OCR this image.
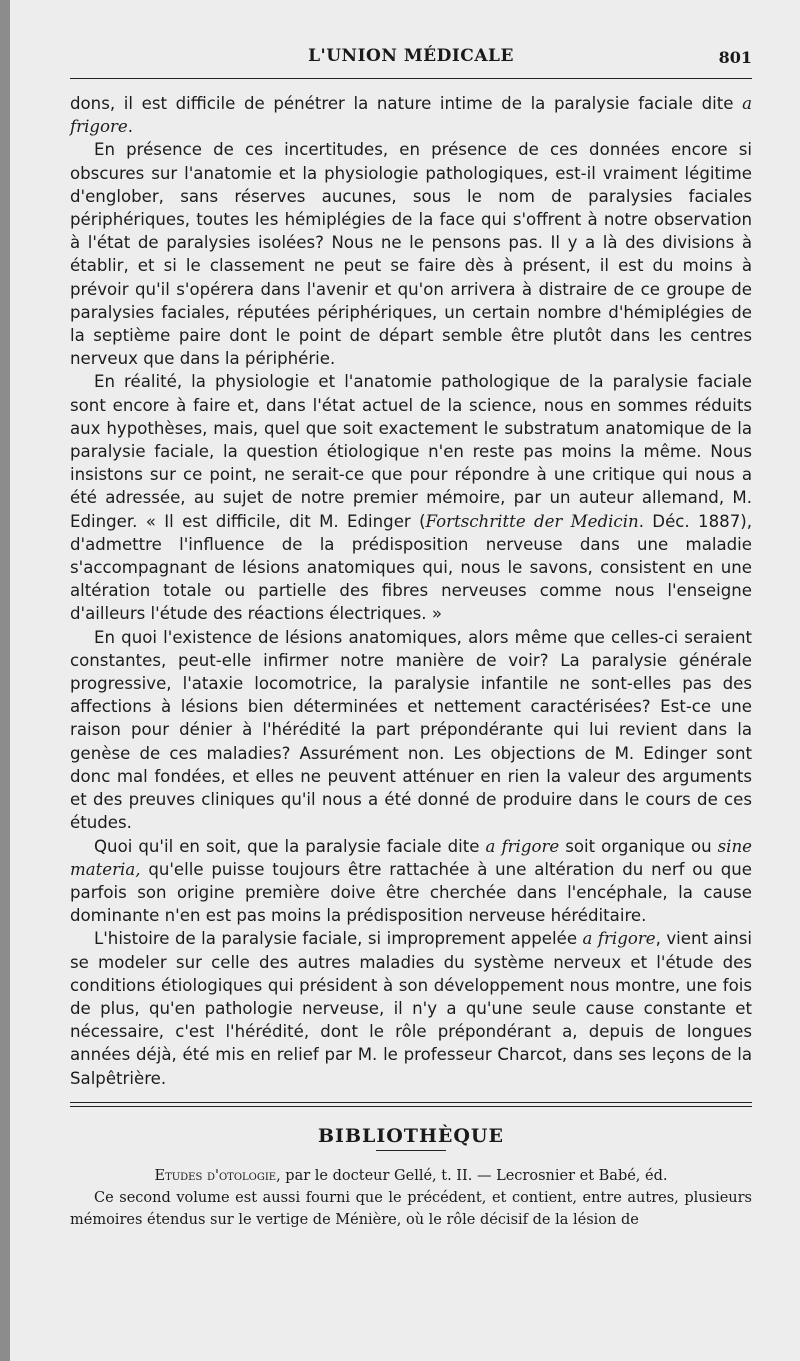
L'UNION MÉDICALE	801

dons, il est difficile de pénétrer la nature intime de la paralysie faciale dite a frigore.

En présence de ces incertitudes, en présence de ces données encore si obscures sur l'anatomie et la physiologie pathologiques, est-il vraiment légitime d'englober, sans réserves aucunes, sous le nom de paralysies faciales périphériques, toutes les hémiplégies de la face qui s'offrent à notre observation à l'état de paralysies isolées? Nous ne le pensons pas. Il y a là des divisions à établir, et si le classement ne peut se faire dès à présent, il est du moins à prévoir qu'il s'opérera dans l'avenir et qu'on arrivera à distraire de ce groupe de paralysies faciales, réputées périphériques, un certain nombre d'hémiplégies de la septième paire dont le point de départ semble être plutôt dans les centres nerveux que dans la périphérie.

En réalité, la physiologie et l'anatomie pathologique de la paralysie faciale sont encore à faire et, dans l'état actuel de la science, nous en sommes réduits aux hypothèses, mais, quel que soit exactement le substratum anatomique de la paralysie faciale, la question étiologique n'en reste pas moins la même. Nous insistons sur ce point, ne serait-ce que pour répondre à une critique qui nous a été adressée, au sujet de notre premier mémoire, par un auteur allemand, M. Edinger. « Il est difficile, dit M. Edinger (Fortschritte der Medicin. Déc. 1887), d'admettre l'influence de la prédisposition nerveuse dans une maladie s'accompagnant de lésions anatomiques qui, nous le savons, consistent en une altération totale ou partielle des fibres nerveuses comme nous l'enseigne d'ailleurs l'étude des réactions électriques. »

En quoi l'existence de lésions anatomiques, alors même que celles-ci seraient constantes, peut-elle infirmer notre manière de voir? La paralysie générale progressive, l'ataxie locomotrice, la paralysie infantile ne sont-elles pas des affections à lésions bien déterminées et nettement caractérisées? Est-ce une raison pour dénier à l'hérédité la part prépondérante qui lui revient dans la genèse de ces maladies? Assurément non. Les objections de M. Edinger sont donc mal fondées, et elles ne peuvent atténuer en rien la valeur des arguments et des preuves cliniques qu'il nous a été donné de produire dans le cours de ces études.

Quoi qu'il en soit, que la paralysie faciale dite a frigore soit organique ou sine materia, qu'elle puisse toujours être rattachée à une altération du nerf ou que parfois son origine première doive être cherchée dans l'encéphale, la cause dominante n'en est pas moins la prédisposition nerveuse héréditaire.

L'histoire de la paralysie faciale, si improprement appelée a frigore, vient ainsi se modeler sur celle des autres maladies du système nerveux et l'étude des conditions étiologiques qui président à son développement nous montre, une fois de plus, qu'en pathologie nerveuse, il n'y a qu'une seule cause constante et nécessaire, c'est l'hérédité, dont le rôle prépondérant a, depuis de longues années déjà, été mis en relief par M. le professeur Charcot, dans ses leçons de la Salpêtrière.

BIBLIOTHÈQUE

Etudes d'otologie, par le docteur Gellé, t. II. — Lecrosnier et Babé, éd.

Ce second volume est aussi fourni que le précédent, et contient, entre autres, plusieurs mémoires étendus sur le vertige de Ménière, où le rôle décisif de la lésion de
